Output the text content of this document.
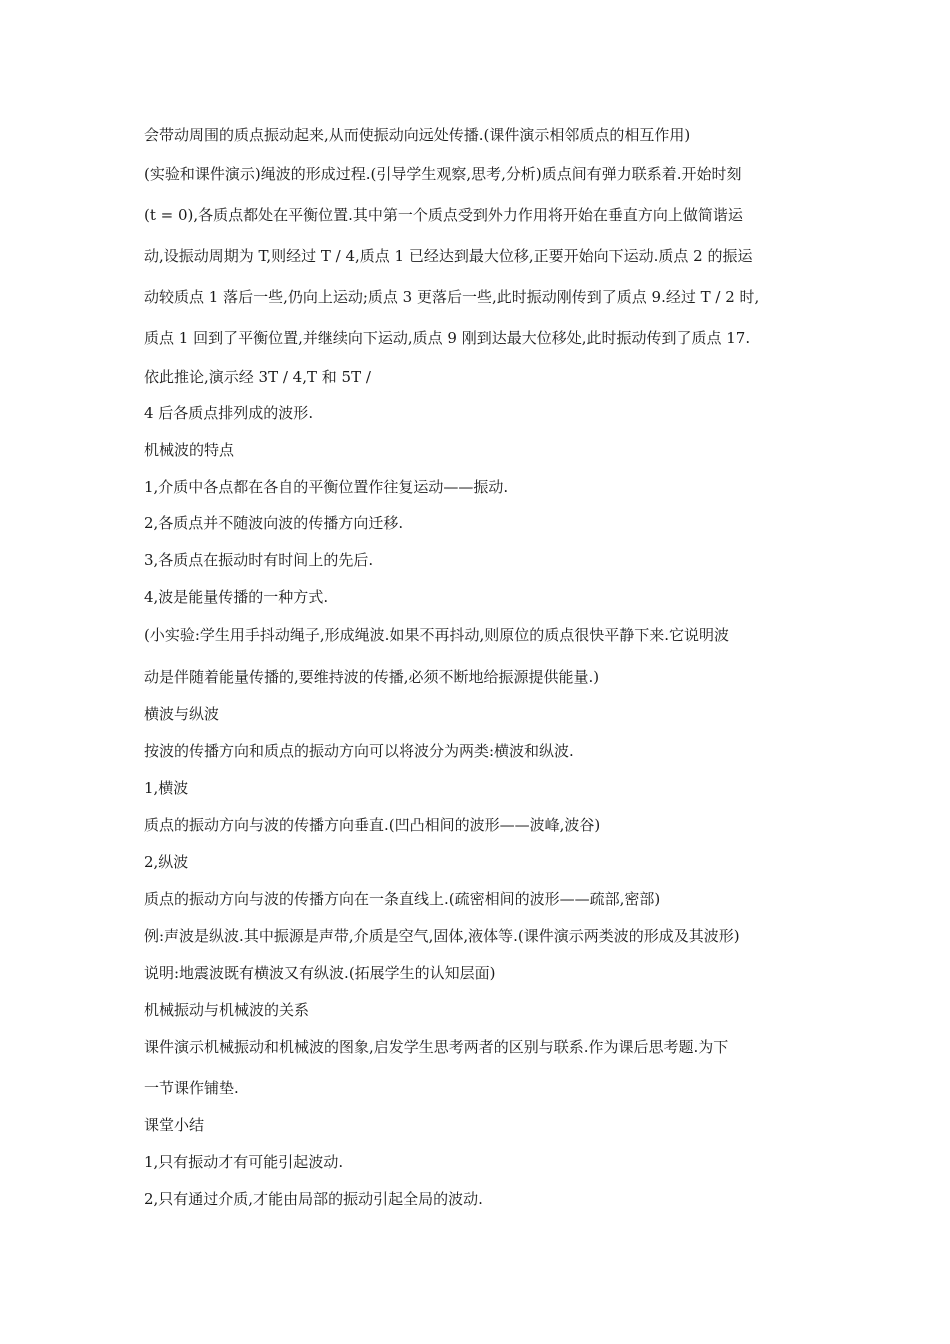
会带动周围的质点振动起来,从而使振动向远处传播.(课件演示相邻质点的相互作用)
(实验和课件演示)绳波的形成过程.(引导学生观察,思考,分析)质点间有弹力联系着.开始时刻
(t = 0),各质点都处在平衡位置.其中第一个质点受到外力作用将开始在垂直方向上做简谐运
动,设振动周期为 T,则经过 T / 4,质点 1 已经达到最大位移,正要开始向下运动.质点 2 的振运
动较质点 1 落后一些,仍向上运动;质点 3 更落后一些,此时振动刚传到了质点 9.经过 T / 2 时,
质点 1 回到了平衡位置,并继续向下运动,质点 9 刚到达最大位移处,此时振动传到了质点 17.
依此推论,演示经 3T / 4,T 和 5T /
4 后各质点排列成的波形.
机械波的特点
1,介质中各点都在各自的平衡位置作往复运动——振动.
2,各质点并不随波向波的传播方向迁移.
3,各质点在振动时有时间上的先后.
4,波是能量传播的一种方式.
(小实验:学生用手抖动绳子,形成绳波.如果不再抖动,则原位的质点很快平静下来.它说明波
动是伴随着能量传播的,要维持波的传播,必须不断地给振源提供能量.)
横波与纵波
按波的传播方向和质点的振动方向可以将波分为两类:横波和纵波.
1,横波
质点的振动方向与波的传播方向垂直.(凹凸相间的波形——波峰,波谷)
2,纵波
质点的振动方向与波的传播方向在一条直线上.(疏密相间的波形——疏部,密部)
例:声波是纵波.其中振源是声带,介质是空气,固体,液体等.(课件演示两类波的形成及其波形)
说明:地震波既有横波又有纵波.(拓展学生的认知层面)
机械振动与机械波的关系
课件演示机械振动和机械波的图象,启发学生思考两者的区别与联系.作为课后思考题.为下
一节课作铺垫.
课堂小结
1,只有振动才有可能引起波动.
2,只有通过介质,才能由局部的振动引起全局的波动.
